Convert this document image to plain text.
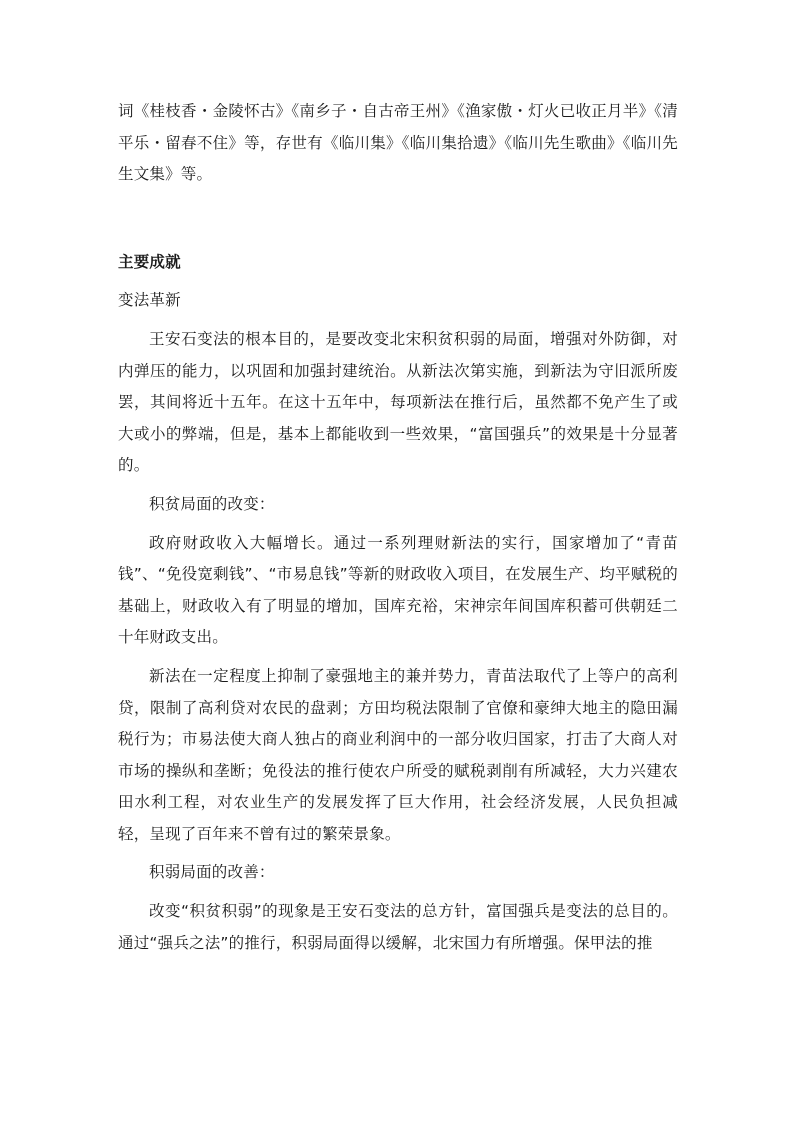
词《桂枝香・金陵怀古》《南乡子・自古帝王州》《渔家傲・灯火已收正月半》《清平乐・留春不住》等，存世有《临川集》《临川集拾遗》《临川先生歌曲》《临川先生文集》等。

主要成就

变法革新

王安石变法的根本目的，是要改变北宋积贫积弱的局面，增强对外防御，对内弹压的能力，以巩固和加强封建统治。从新法次第实施，到新法为守旧派所废罢，其间将近十五年。在这十五年中，每项新法在推行后，虽然都不免产生了或大或小的弊端，但是，基本上都能收到一些效果，“富国强兵”的效果是十分显著的。

积贫局面的改变：

政府财政收入大幅增长。通过一系列理财新法的实行，国家增加了“青苗钱”、“免役宽剩钱”、“市易息钱”等新的财政收入项目，在发展生产、均平赋税的基础上，财政收入有了明显的增加，国库充裕，宋神宗年间国库积蓄可供朝廷二十年财政支出。

新法在一定程度上抑制了豪强地主的兼并势力，青苗法取代了上等户的高利贷，限制了高利贷对农民的盘剥；方田均税法限制了官僚和豪绅大地主的隐田漏税行为；市易法使大商人独占的商业利润中的一部分收归国家，打击了大商人对市场的操纵和垄断；免役法的推行使农户所受的赋税剥削有所减轻，大力兴建农田水利工程，对农业生产的发展发挥了巨大作用，社会经济发展，人民负担减轻，呈现了百年来不曾有过的繁荣景象。

积弱局面的改善：

改变“积贫积弱”的现象是王安石变法的总方针，富国强兵是变法的总目的。通过“强兵之法”的推行，积弱局面得以缓解，北宋国力有所增强。保甲法的推
